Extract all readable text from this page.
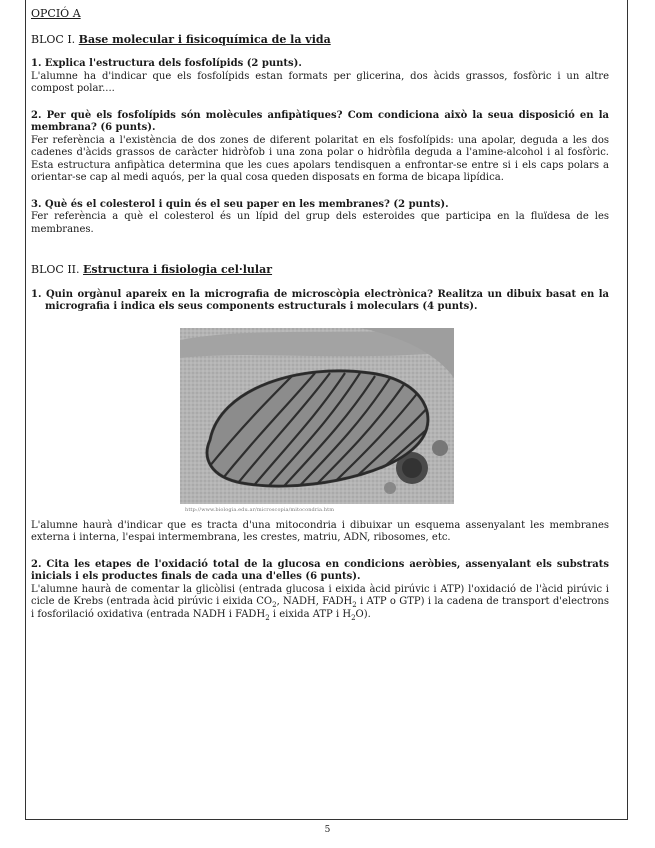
OPCIÓ A

BLOC I. Base molecular i fisicoquímica de la vida

1. Explica l'estructura dels fosfolípids (2 punts).

L'alumne ha d'indicar que els fosfolípids estan formats per glicerina, dos àcids grassos, fosfòric i un altre compost polar....

2. Per què els fosfolípids són molècules anfipàtiques? Com condiciona això la seua disposició en la membrana? (6 punts).

Fer referència a l'existència de dos zones de diferent polaritat en els fosfolípids: una apolar, deguda a les dos cadenes d'àcids grassos de caràcter hidròfob i una zona polar o hidròfila deguda a l'amine-alcohol i al fosfòric. Esta estructura anfipàtica determina que les cues apolars tendisquen a enfrontar-se entre si i els caps polars a orientar-se cap al medi aquós, per la qual cosa queden disposats en forma de bicapa lipídica.

3. Què és el colesterol i quin és el seu paper en les membranes? (2 punts).

Fer referència a què el colesterol és un lípid del grup dels esteroides que participa en la fluïdesa de les membranes.

BLOC II. Estructura i fisiologia cel·lular

1. Quin orgànul apareix en la micrografia de microscòpia electrònica? Realitza un dibuix basat en la micrografia i indica els seus components estructurals i moleculars (4 punts).

http://www.biologia.edu.ar/microscopia/mitocondria.htm

L'alumne haurà d'indicar que es tracta d'una mitocondria i dibuixar un esquema assenyalant les membranes externa i interna, l'espai intermembrana, les crestes, matriu, ADN, ribosomes, etc.

2. Cita les etapes de l'oxidació total de la glucosa en condicions aeròbies, assenyalant els substrats inicials i els productes finals de cada una d'elles (6 punts).

L'alumne haurà de comentar la glicòlisi (entrada glucosa i eixida àcid pirúvic i ATP) l'oxidació de l'àcid pirúvic i cicle de Krebs (entrada àcid pirúvic i eixida $CO_2$, NADH, $FADH_2$ i ATP o GTP) i la cadena de transport d'electrons i fosforilació oxidativa (entrada NADH i $FADH_2$ i eixida ATP i $H_2O$).

5
